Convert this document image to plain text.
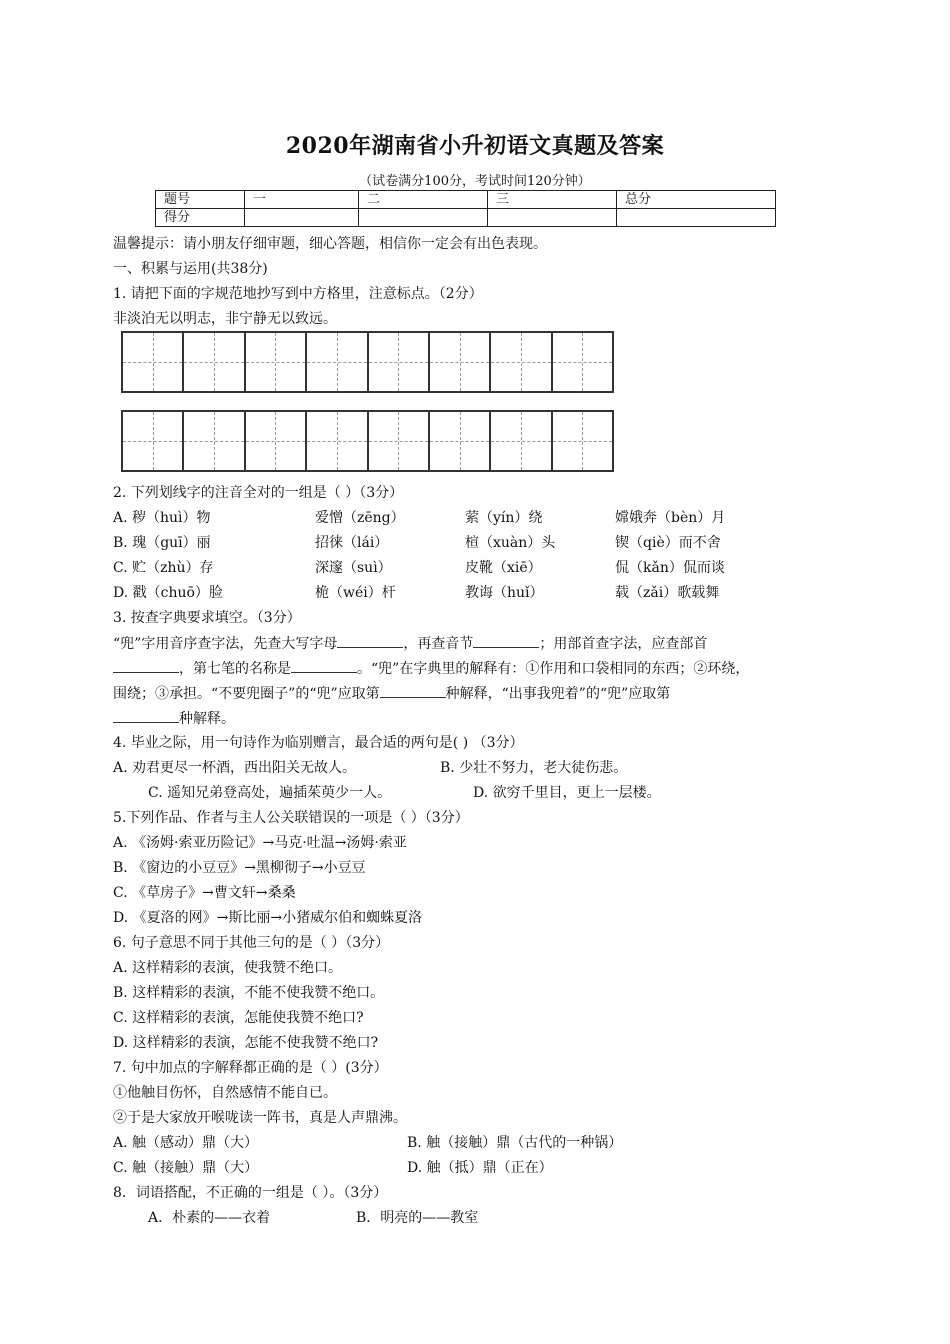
2020年湖南省小升初语文真题及答案
（试卷满分100分，考试时间120分钟）
题号	一	二	三	总分
得分				
温馨提示：请小朋友仔细审题，细心答题，相信你一定会有出色表现。
一、积累与运用(共38分)
1. 请把下面的字规范地抄写到中方格里，注意标点。（2分）
非淡泊无以明志，非宁静无以致远。
2. 下列划线字的注音全对的一组是（ ）（3分）
A. 秽（huì）物	爱憎（zēng）	萦（yín）绕	嫦娥奔（bèn）月
B. 瑰（guī）丽	招徕（lái）	楦（xuàn）头	锲（qiè）而不舍
C. 贮（zhù）存	深邃（suì）	皮靴（xiē）	侃（kǎn）侃而谈
D. 戳（chuō）脸	桅（wéi）杆	教诲（huǐ）	载（zǎi）歌载舞
3. 按查字典要求填空。（3分）
“兜”字用音序查字法，先查大写字母	，再查音节	；用部首查字法，应查部首
，第七笔的名称是	。“兜”在字典里的解释有：①作用和口袋相同的东西；②环绕，
围绕；③承担。“不要兜圈子”的“兜”应取第	种解释，“出事我兜着”的“兜”应取第
种解释。
4. 毕业之际，用一句诗作为临别赠言，最合适的两句是( ) （3分）
A. 劝君更尽一杯酒，西出阳关无故人。	B. 少壮不努力，老大徒伤悲。
C. 遥知兄弟登高处，遍插茱萸少一人。	D. 欲穷千里目，更上一层楼。
5.下列作品、作者与主人公关联错误的一项是（ ）（3分）
A. 《汤姆·索亚历险记》→马克·吐温→汤姆·索亚
B. 《窗边的小豆豆》→黑柳彻子→小豆豆
C. 《草房子》→曹文轩→桑桑
D. 《夏洛的网》→斯比丽→小猪威尔伯和蜘蛛夏洛
6. 句子意思不同于其他三句的是（ ）（3分）
A. 这样精彩的表演，使我赞不绝口。
B. 这样精彩的表演，不能不使我赞不绝口。
C. 这样精彩的表演，怎能使我赞不绝口?
D. 这样精彩的表演，怎能不使我赞不绝口?
7. 句中加点的字解释都正确的是（ ）(3分）
①他触目伤怀，自然感情不能自已。
②于是大家放开喉咙读一阵书，真是人声鼎沸。
A. 触（感动）鼎（大）	B. 触（接触）鼎（古代的一种锅）
C. 触（接触）鼎（大）	D. 触（抵）鼎（正在）
8．词语搭配，不正确的一组是（ ）。（3分）
A．朴素的——衣着	B．明亮的——教室
